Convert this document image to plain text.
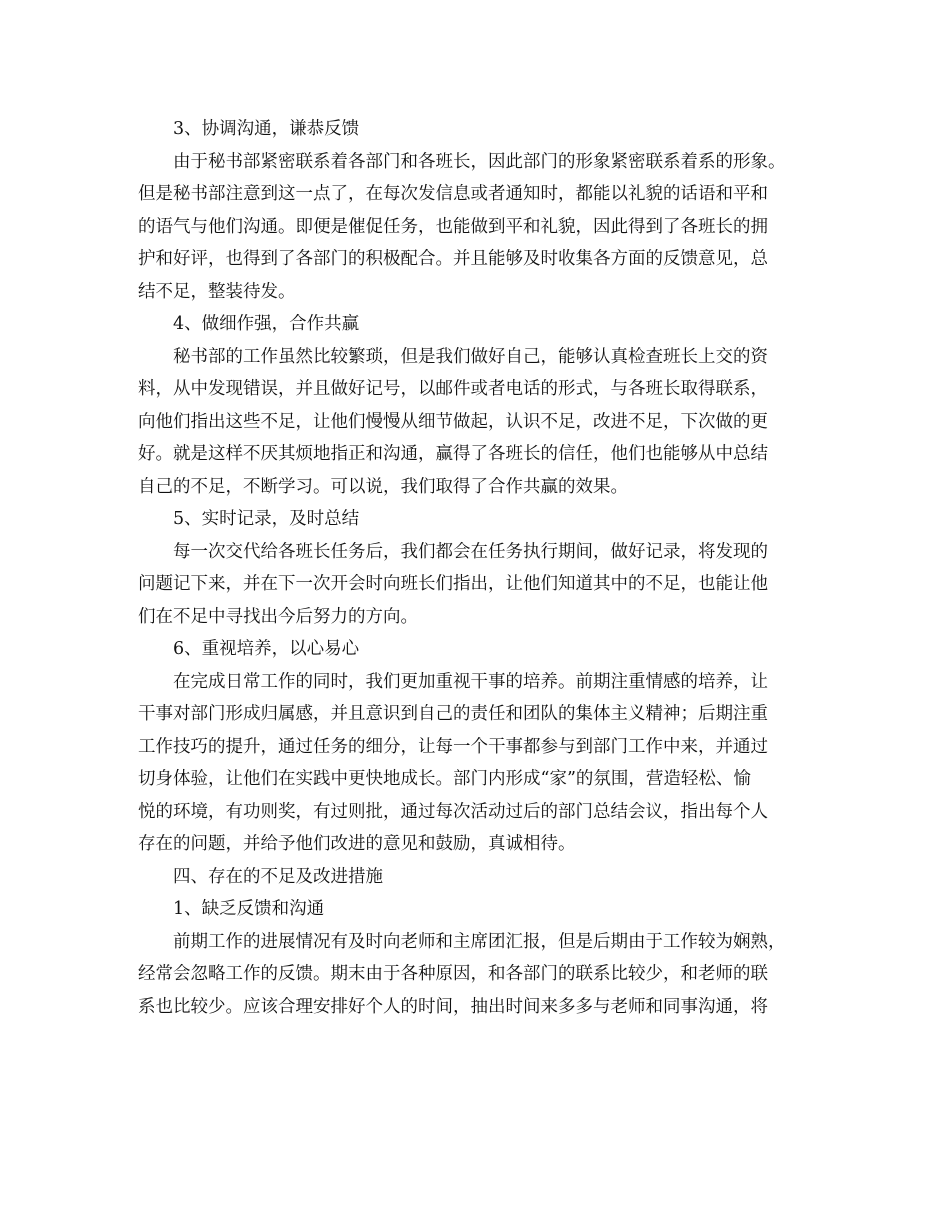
3、协调沟通，谦恭反馈

由于秘书部紧密联系着各部门和各班长，因此部门的形象紧密联系着系的形象。

但是秘书部注意到这一点了，在每次发信息或者通知时，都能以礼貌的话语和平和

的语气与他们沟通。即便是催促任务，也能做到平和礼貌，因此得到了各班长的拥

护和好评，也得到了各部门的积极配合。并且能够及时收集各方面的反馈意见，总

结不足，整装待发。

4、做细作强，合作共赢

秘书部的工作虽然比较繁琐，但是我们做好自己，能够认真检查班长上交的资

料，从中发现错误，并且做好记号，以邮件或者电话的形式，与各班长取得联系，

向他们指出这些不足，让他们慢慢从细节做起，认识不足，改进不足，下次做的更

好。就是这样不厌其烦地指正和沟通，赢得了各班长的信任，他们也能够从中总结

自己的不足，不断学习。可以说，我们取得了合作共赢的效果。

5、实时记录，及时总结

每一次交代给各班长任务后，我们都会在任务执行期间，做好记录，将发现的

问题记下来，并在下一次开会时向班长们指出，让他们知道其中的不足，也能让他

们在不足中寻找出今后努力的方向。

6、重视培养，以心易心

在完成日常工作的同时，我们更加重视干事的培养。前期注重情感的培养，让

干事对部门形成归属感，并且意识到自己的责任和团队的集体主义精神；后期注重

工作技巧的提升，通过任务的细分，让每一个干事都参与到部门工作中来，并通过

切身体验，让他们在实践中更快地成长。部门内形成“家”的氛围，营造轻松、愉

悦的环境，有功则奖，有过则批，通过每次活动过后的部门总结会议，指出每个人

存在的问题，并给予他们改进的意见和鼓励，真诚相待。

四、存在的不足及改进措施

1、缺乏反馈和沟通

前期工作的进展情况有及时向老师和主席团汇报，但是后期由于工作较为娴熟，

经常会忽略工作的反馈。期末由于各种原因，和各部门的联系比较少，和老师的联

系也比较少。应该合理安排好个人的时间，抽出时间来多多与老师和同事沟通，将
